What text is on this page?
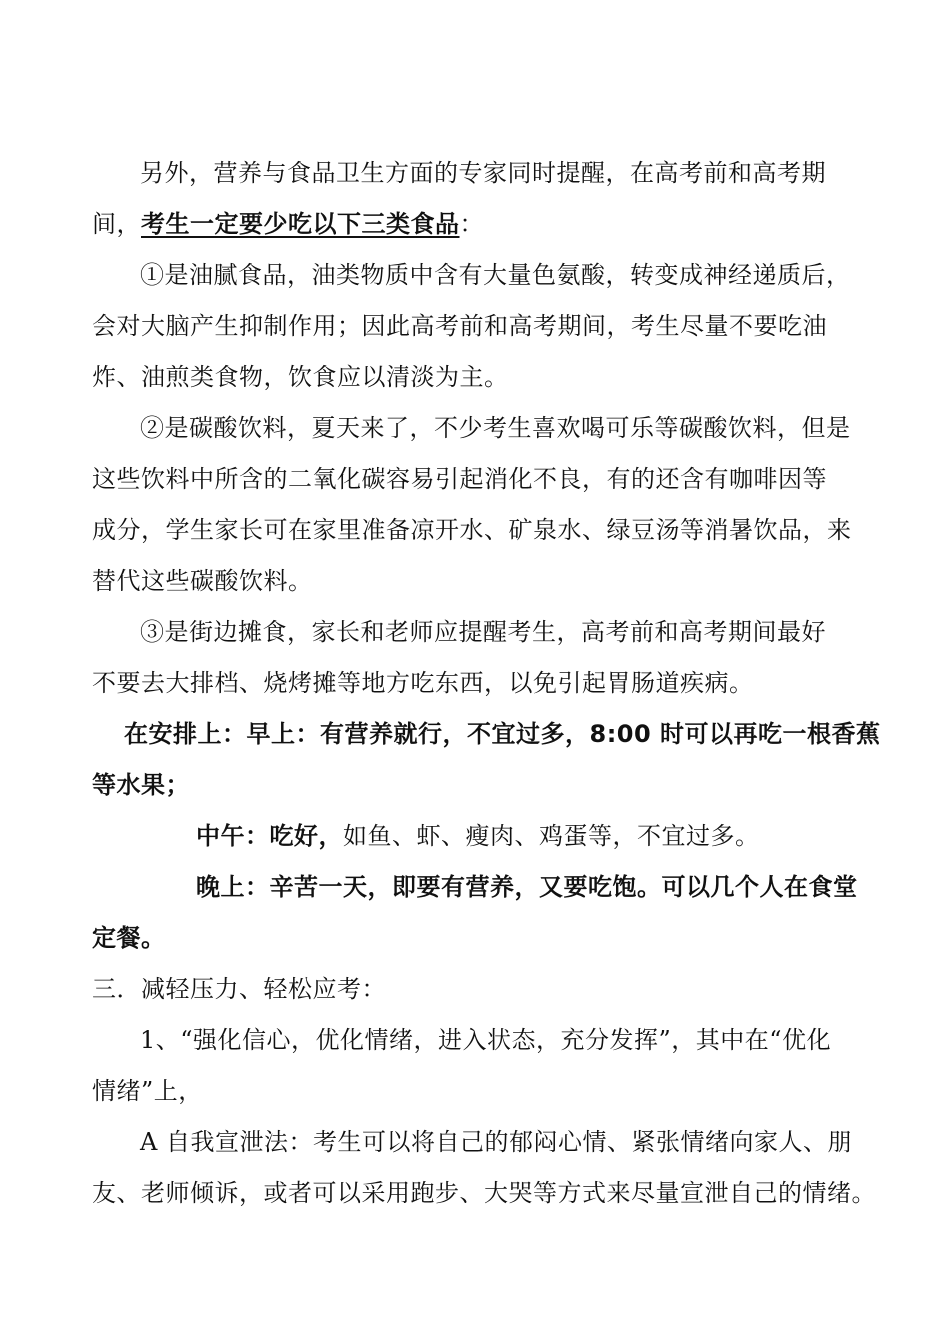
另外，营养与食品卫生方面的专家同时提醒，在高考前和高考期
间，考生一定要少吃以下三类食品：
①是油腻食品，油类物质中含有大量色氨酸，转变成神经递质后，
会对大脑产生抑制作用；因此高考前和高考期间，考生尽量不要吃油
炸、油煎类食物，饮食应以清淡为主。
②是碳酸饮料，夏天来了，不少考生喜欢喝可乐等碳酸饮料，但是
这些饮料中所含的二氧化碳容易引起消化不良，有的还含有咖啡因等
成分，学生家长可在家里准备凉开水、矿泉水、绿豆汤等消暑饮品，来
替代这些碳酸饮料。
③是街边摊食，家长和老师应提醒考生，高考前和高考期间最好
不要去大排档、烧烤摊等地方吃东西，以免引起胃肠道疾病。
在安排上：早上：有营养就行，不宜过多，8:00 时可以再吃一根香蕉
等水果；
中午：吃好，如鱼、虾、瘦肉、鸡蛋等，不宜过多。
晚上：辛苦一天，即要有营养，又要吃饱。可以几个人在食堂
定餐。
三．减轻压力、轻松应考：
1、“强化信心，优化情绪，进入状态，充分发挥”，其中在“优化
情绪”上，
A 自我宣泄法：考生可以将自己的郁闷心情、紧张情绪向家人、朋
友、老师倾诉，或者可以采用跑步、大哭等方式来尽量宣泄自己的情绪。
